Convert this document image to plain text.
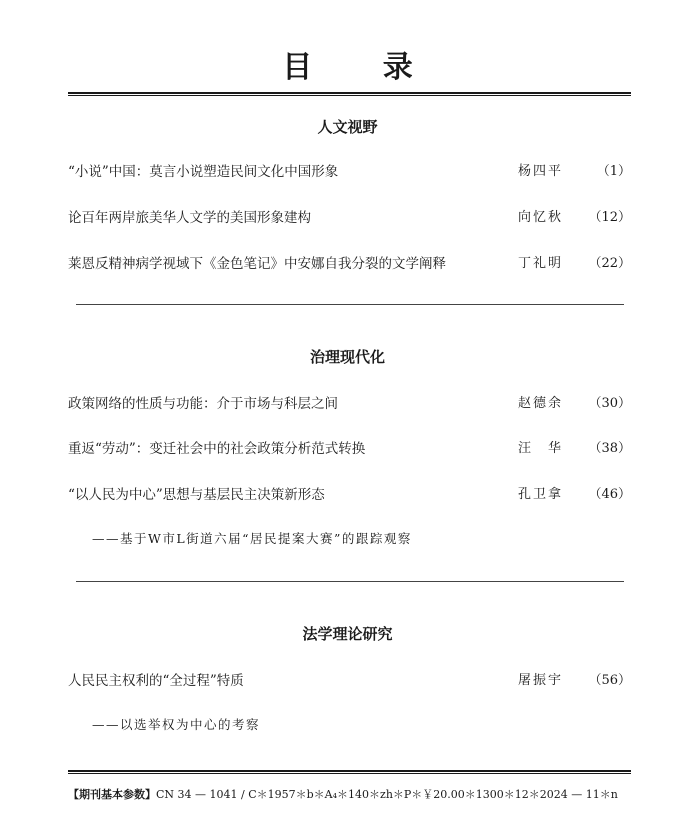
目 录
人文视野
“小说”中国：莫言小说塑造民间文化中国形象	杨四平	（1）
论百年两岸旅美华人文学的美国形象建构	向忆秋 （12）
莱恩反精神病学视域下《金色笔记》中安娜自我分裂的文学阐释	丁礼明 （22）
治理现代化
政策网络的性质与功能：介于市场与科层之间	赵德余 （30）
重返“劳动”：变迁社会中的社会政策分析范式转换	汪　华 （38）
“以人民为中心”思想与基层民主决策新形态	孔卫拿 （46）
——基于W市L街道六届“居民提案大赛”的跟踪观察
法学理论研究
人民民主权利的“全过程”特质	屠振宇 （56）
——以选举权为中心的考察
【期刊基本参数】CN 34 — 1041 / C＊1957＊b＊A₄＊140＊zh＊P＊￥20.00＊1300＊12＊2024 — 11＊n
